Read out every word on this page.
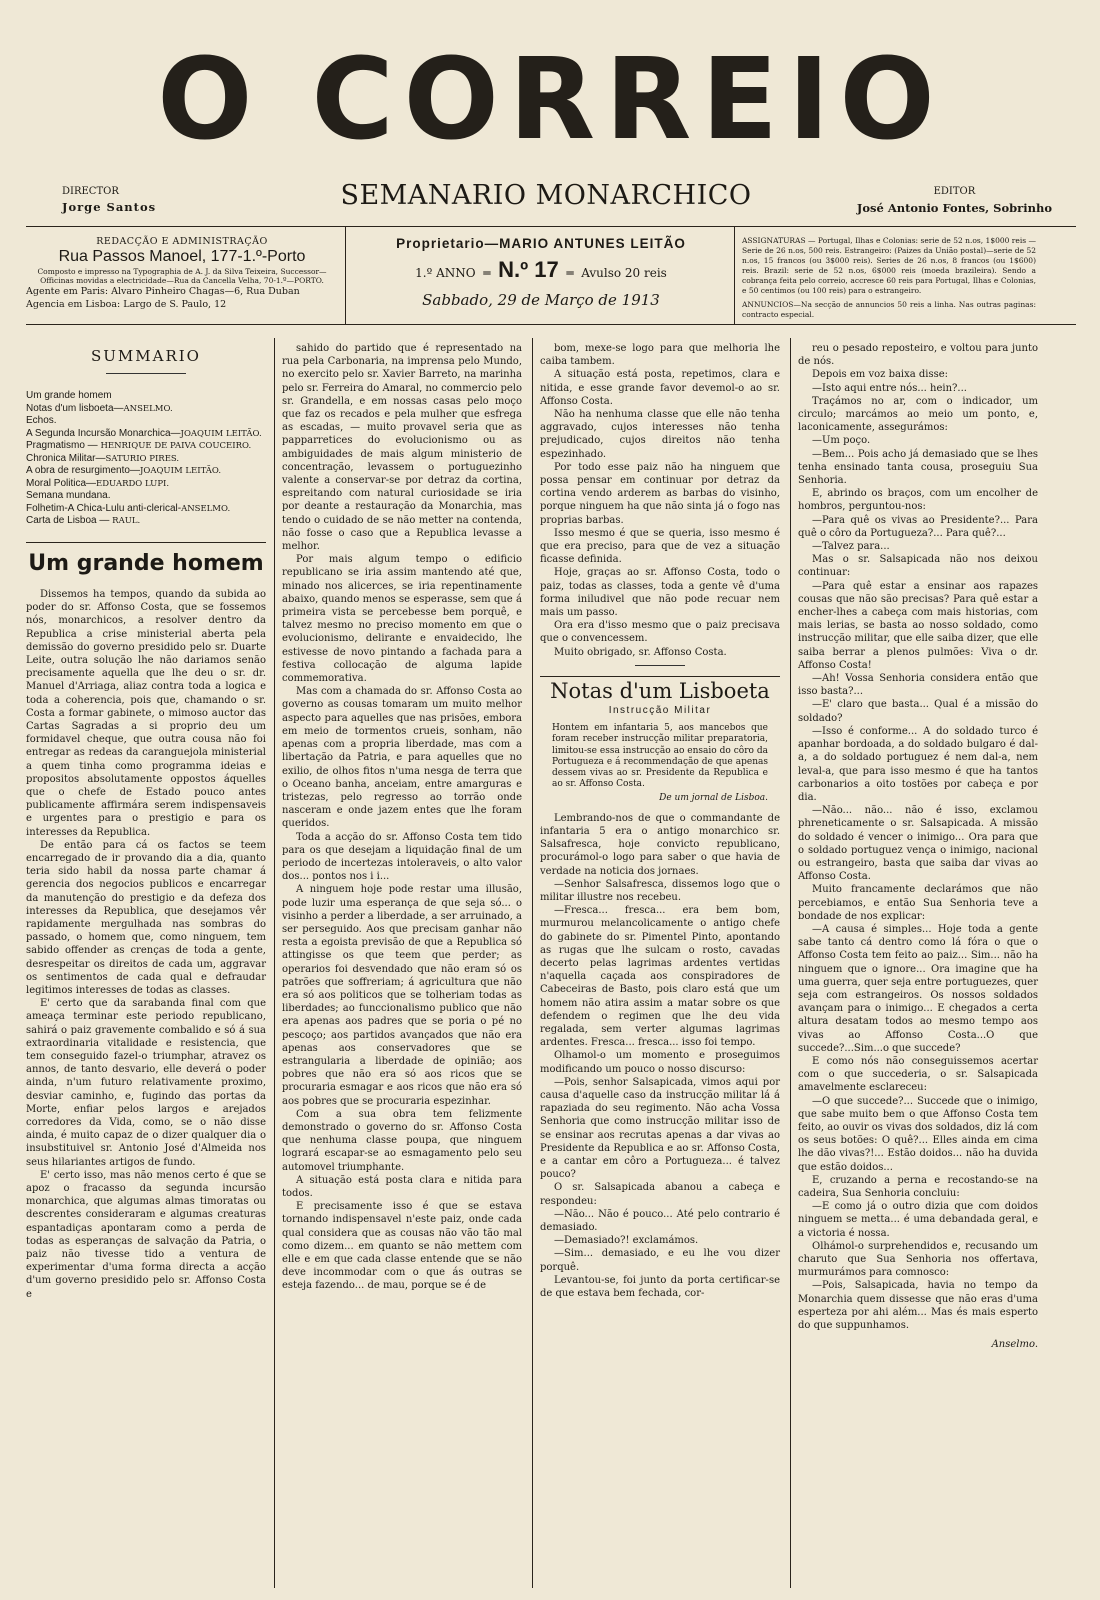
O CORREIO
DIRECTOR
Jorge Santos	SEMANARIO MONARCHICO	EDITOR
José Antonio Fontes, Sobrinho
REDACÇÃO E ADMINISTRAÇÃO
Rua Passos Manoel, 177-1.º-Porto
Composto e impresso na Typographia de A. J. da Silva Teixeira, Successor—Officinas movidas a electricidade—Rua da Cancella Velha, 70-1.º—PORTO.
Agente em Paris: Alvaro Pinheiro Chagas—6, Rua Duban
Agencia em Lisboa: Largo de S. Paulo, 12
Proprietario—MARIO ANTUNES LEITÃO
1.º ANNO  ═  N.º 17  ═  Avulso 20 reis
Sabbado, 29 de Março de 1913
ASSIGNATURAS — Portugal, Ilhas e Colonias: serie de 52 n.os, 1$000 reis — Serie de 26 n.os, 500 reis. Estrangeiro: (Paizes da União postal)—serie de 52 n.os, 15 francos (ou 3$000 reis). Series de 26 n.os, 8 francos (ou 1$600) reis. Brazil: serie de 52 n.os, 6$000 reis (moeda brazileira). Sendo a cobrança feita pelo correio, accresce 60 reis para Portugal, Ilhas e Colonias, e 50 centimos (ou 100 reis) para o estrangeiro.
ANNUNCIOS—Na secção de annuncios 50 reis a linha. Nas outras paginas: contracto especial.
SUMMARIO
Um grande homem
Notas d'um lisboeta—ANSELMO.
Echos.
A Segunda Incursão Monarchica—JOAQUIM LEITÃO.
Pragmatismo — HENRIQUE DE PAIVA COUCEIRO.
Chronica Militar—SATURIO PIRES.
A obra de resurgimento—JOAQUIM LEITÃO.
Moral Politica—EDUARDO LUPI.
Semana mundana.
Folhetim-A Chica-Lulu anti-clerical-ANSELMO.
Carta de Lisboa — RAUL.
Um grande homem

Dissemos ha tempos, quando da subida ao poder do sr. Affonso Costa, que se fossemos nós, monarchicos, a resolver dentro da Republica a crise ministerial aberta pela demissão do governo presidido pelo sr. Duarte Leite, outra solução lhe não dariamos senão precisamente aquella que lhe deu o sr. dr. Manuel d'Arriaga, aliaz contra toda a logica e toda a coherencia, pois que, chamando o sr. Costa a formar gabinete, o mimoso auctor das Cartas Sagradas a si proprio deu um formidavel cheque, que outra cousa não foi entregar as redeas da caranguejola ministerial a quem tinha como programma ideias e propositos absolutamente oppostos áquelles que o chefe de Estado pouco antes publicamente affirmára serem indispensaveis e urgentes para o prestigio e para os interesses da Republica.

De então para cá os factos se teem encarregado de ir provando dia a dia, quanto teria sido habil da nossa parte chamar á gerencia dos negocios publicos e encarregar da manutenção do prestigio e da defeza dos interesses da Republica, que desejamos vêr rapidamente mergulhada nas sombras do passado, o homem que, como ninguem, tem sabido offender as crenças de toda a gente, desrespeitar os direitos de cada um, aggravar os sentimentos de cada qual e defraudar legitimos interesses de todas as classes.

E' certo que da sarabanda final com que ameaça terminar este periodo republicano, sahirá o paiz gravemente combalido e só á sua extraordinaria vitalidade e resistencia, que tem conseguido fazel-o triumphar, atravez os annos, de tanto desvario, elle deverá o poder ainda, n'um futuro relativamente proximo, desviar caminho, e, fugindo das portas da Morte, enfiar pelos largos e arejados corredores da Vida, como, se o não disse ainda, é muito capaz de o dizer qualquer dia o insubstituivel sr. Antonio José d'Almeida nos seus hilariantes artigos de fundo.

E' certo isso, mas não menos certo é que se apoz o fracasso da segunda incursão monarchica, que algumas almas timoratas ou descrentes consideraram e algumas creaturas espantadiças apontaram como a perda de todas as esperanças de salvação da Patria, o paiz não tivesse tido a ventura de experimentar d'uma forma directa a acção d'um governo presidido pelo sr. Affonso Costa e

sahido do partido que é representado na rua pela Carbonaria, na imprensa pelo Mundo, no exercito pelo sr. Xavier Barreto, na marinha pelo sr. Ferreira do Amaral, no commercio pelo sr. Grandella, e em nossas casas pelo moço que faz os recados e pela mulher que esfrega as escadas, — muito provavel seria que as papparretices do evolucionismo ou as ambiguidades de mais algum ministerio de concentração, levassem o portuguezinho valente a conservar-se por detraz da cortina, espreitando com natural curiosidade se iria por deante a restauração da Monarchia, mas tendo o cuidado de se não metter na contenda, não fosse o caso que a Republica levasse a melhor.

Por mais algum tempo o edificio republicano se iria assim mantendo até que, minado nos alicerces, se iria repentinamente abaixo, quando menos se esperasse, sem que á primeira vista se percebesse bem porquê, e talvez mesmo no preciso momento em que o evolucionismo, delirante e envaidecido, lhe estivesse de novo pintando a fachada para a festiva collocação de alguma lapide commemorativa.

Mas com a chamada do sr. Affonso Costa ao governo as cousas tomaram um muito melhor aspecto para aquelles que nas prisões, embora em meio de tormentos crueis, sonham, não apenas com a propria liberdade, mas com a libertação da Patria, e para aquelles que no exilio, de olhos fitos n'uma nesga de terra que o Oceano banha, anceiam, entre amarguras e tristezas, pelo regresso ao torrão onde nasceram e onde jazem entes que lhe foram queridos.

Toda a acção do sr. Affonso Costa tem tido para os que desejam a liquidação final de um periodo de incertezas intoleraveis, o alto valor dos... pontos nos i i...

A ninguem hoje pode restar uma illusão, pode luzir uma esperança de que seja só... o visinho a perder a liberdade, a ser arruinado, a ser perseguido. Aos que precisam ganhar não resta a egoista previsão de que a Republica só attingisse os que teem que perder; as operarios foi desvendado que não eram só os patrões que soffreriam; á agricultura que não era só aos politicos que se tolheriam todas as liberdades; ao funccionalismo publico que não era apenas aos padres que se poria o pé no pescoço; aos partidos avançados que não era apenas aos conservadores que se estrangularia a liberdade de opinião; aos pobres que não era só aos ricos que se procuraria esmagar e aos ricos que não era só aos pobres que se procuraria espezinhar.

Com a sua obra tem felizmente demonstrado o governo do sr. Affonso Costa que nenhuma classe poupa, que ninguem logrará escapar-se ao esmagamento pelo seu automovel triumphante.

A situação está posta clara e nitida para todos.

E precisamente isso é que se estava tornando indispensavel n'este paiz, onde cada qual considera que as cousas não vão tão mal como dizem... em quanto se não mettem com elle e em que cada classe entende que se não deve incommodar com o que ás outras se esteja fazendo... de mau, porque se é de

bom, mexe-se logo para que melhoria lhe caiba tambem.

A situação está posta, repetimos, clara e nitida, e esse grande favor devemol-o ao sr. Affonso Costa.

Não ha nenhuma classe que elle não tenha aggravado, cujos interesses não tenha prejudicado, cujos direitos não tenha espezinhado.

Por todo esse paiz não ha ninguem que possa pensar em continuar por detraz da cortina vendo arderem as barbas do visinho, porque ninguem ha que não sinta já o fogo nas proprias barbas.

Isso mesmo é que se queria, isso mesmo é que era preciso, para que de vez a situação ficasse definida.

Hoje, graças ao sr. Affonso Costa, todo o paiz, todas as classes, toda a gente vê d'uma forma iniludivel que não pode recuar nem mais um passo.

Ora era d'isso mesmo que o paiz precisava que o convencessem.

Muito obrigado, sr. Affonso Costa.

Notas d'um Lisboeta
Instrucção Militar
Hontem em infantaria 5, aos mancebos que foram receber instrucção militar preparatoria, limitou-se essa instrucção ao ensaio do côro da Portugueza e á recommendação de que apenas dessem vivas ao sr. Presidente da Republica e ao sr. Affonso Costa.
De um jornal de Lisboa.

Lembrando-nos de que o commandante de infantaria 5 era o antigo monarchico sr. Salsafresca, hoje convicto republicano, procurámol-o logo para saber o que havia de verdade na noticia dos jornaes.

—Senhor Salsafresca, dissemos logo que o militar illustre nos recebeu.

—Fresca... fresca... era bem bom, murmurou melancolicamente o antigo chefe do gabinete do sr. Pimentel Pinto, apontando as rugas que lhe sulcam o rosto, cavadas decerto pelas lagrimas ardentes vertidas n'aquella caçada aos conspiradores de Cabeceiras de Basto, pois claro está que um homem não atira assim a matar sobre os que defendem o regimen que lhe deu vida regalada, sem verter algumas lagrimas ardentes. Fresca... fresca... isso foi tempo.

Olhamol-o um momento e proseguimos modificando um pouco o nosso discurso:

—Pois, senhor Salsapicada, vimos aqui por causa d'aquelle caso da instrucção militar lá á rapaziada do seu regimento. Não acha Vossa Senhoria que como instrucção militar isso de se ensinar aos recrutas apenas a dar vivas ao Presidente da Republica e ao sr. Affonso Costa, e a cantar em côro a Portugueza... é talvez pouco?

O sr. Salsapicada abanou a cabeça e respondeu:

—Não... Não é pouco... Até pelo contrario é demasiado.

—Demasiado?! exclamámos.

—Sim... demasiado, e eu lhe vou dizer porquê.

Levantou-se, foi junto da porta certificar-se de que estava bem fechada, cor-

reu o pesado reposteiro, e voltou para junto de nós.

Depois em voz baixa disse:

—Isto aqui entre nós... hein?...

Traçámos no ar, com o indicador, um circulo; marcámos ao meio um ponto, e, laconicamente, assegurámos:

—Um poço.

—Bem... Pois acho já demasiado que se lhes tenha ensinado tanta cousa, proseguiu Sua Senhoria.

E, abrindo os braços, com um encolher de hombros, perguntou-nos:

—Para quê os vivas ao Presidente?... Para quê o côro da Portugueza?... Para quê?...

—Talvez para...

Mas o sr. Salsapicada não nos deixou continuar:

—Para quê estar a ensinar aos rapazes cousas que não são precisas? Para quê estar a encher-lhes a cabeça com mais historias, com mais lerias, se basta ao nosso soldado, como instrucção militar, que elle saiba dizer, que elle saiba berrar a plenos pulmões: Viva o dr. Affonso Costa!

—Ah! Vossa Senhoria considera então que isso basta?...

—E' claro que basta... Qual é a missão do soldado?

—Isso é conforme... A do soldado turco é apanhar bordoada, a do soldado bulgaro é dal-a, a do soldado portuguez é nem dal-a, nem leval-a, que para isso mesmo é que ha tantos carbonarios a oito tostões por cabeça e por dia.

—Não... não... não é isso, exclamou phreneticamente o sr. Salsapicada. A missão do soldado é vencer o inimigo... Ora para que o soldado portuguez vença o inimigo, nacional ou estrangeiro, basta que saiba dar vivas ao Affonso Costa.

Muito francamente declarámos que não percebiamos, e então Sua Senhoria teve a bondade de nos explicar:

—A causa é simples... Hoje toda a gente sabe tanto cá dentro como lá fóra o que o Affonso Costa tem feito ao paiz... Sim... não ha ninguem que o ignore... Ora imagine que ha uma guerra, quer seja entre portuguezes, quer seja com estrangeiros. Os nossos soldados avançam para o inimigo... E chegados a certa altura desatam todos ao mesmo tempo aos vivas ao Affonso Costa...O que succede?...Sim...o que succede?

E como nós não conseguissemos acertar com o que succederia, o sr. Salsapicada amavelmente esclareceu:

—O que succede?... Succede que o inimigo, que sabe muito bem o que Affonso Costa tem feito, ao ouvir os vivas dos soldados, diz lá com os seus botões: O quê?... Elles ainda em cima lhe dão vivas?!... Estão doidos... não ha duvida que estão doidos...

E, cruzando a perna e recostando-se na cadeira, Sua Senhoria concluiu:

—E como já o outro dizia que com doidos ninguem se metta... é uma debandada geral, e a victoria é nossa.

Olhámol-o surprehendidos e, recusando um charuto que Sua Senhoria nos offertava, murmurámos para comnosco:

—Pois, Salsapicada, havia no tempo da Monarchia quem dissesse que não eras d'uma esperteza por ahi além... Mas és mais esperto do que suppunhamos.

Anselmo.
